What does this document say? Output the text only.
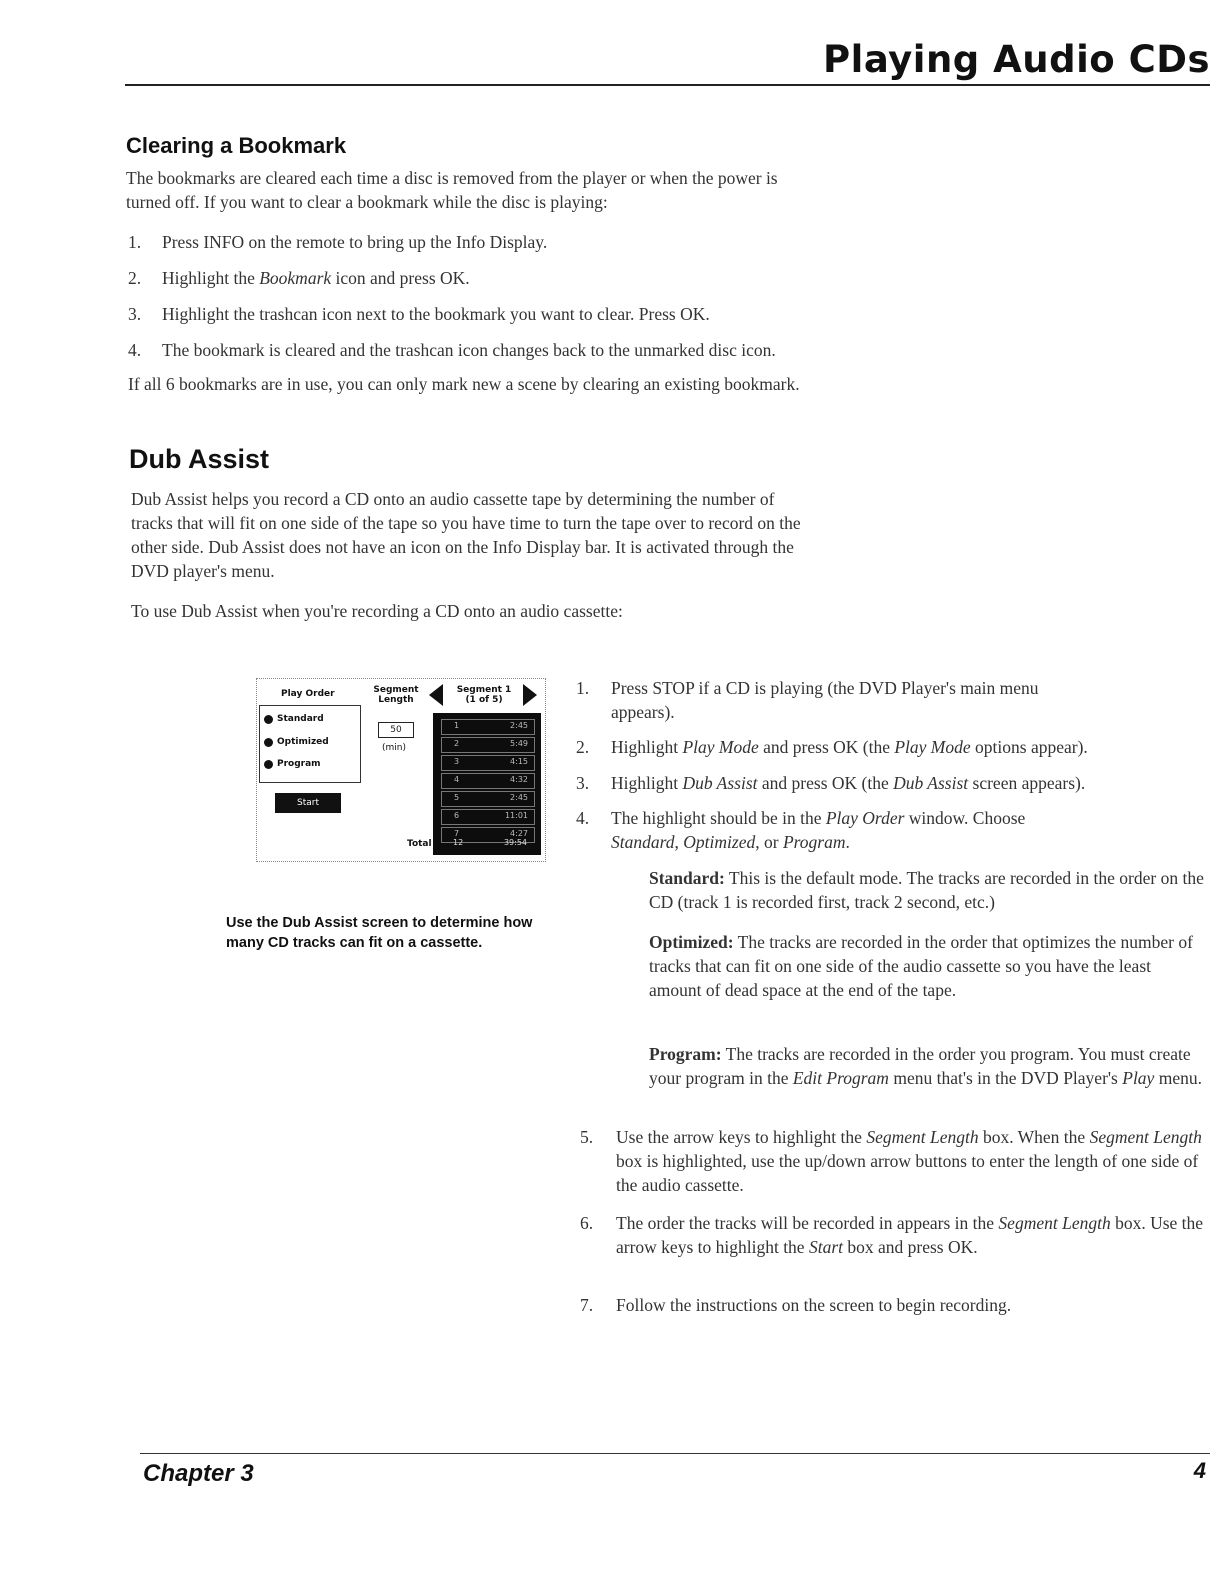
Playing Audio CDs
Clearing a Bookmark
The bookmarks are cleared each time a disc is removed from the player or when the power is
turned off. If you want to clear a bookmark while the disc is playing:
1. Press INFO on the remote to bring up the Info Display.
2. Highlight the Bookmark icon and press OK.
3. Highlight the trashcan icon next to the bookmark you want to clear. Press OK.
4. The bookmark is cleared and the trashcan icon changes back to the unmarked disc icon.
If all 6 bookmarks are in use, you can only mark new a scene by clearing an existing bookmark.
Dub Assist
Dub Assist helps you record a CD onto an audio cassette tape by determining the number of
tracks that will fit on one side of the tape so you have time to turn the tape over to record on the
other side. Dub Assist does not have an icon on the Info Display bar. It is activated through the
DVD player's menu.
To use Dub Assist when you're recording a CD onto an audio cassette:
Play Order	Segment
Length
Segment 1
(1 of 5)
Standard
Optimized
Program
Start
50
(min)
Total
1	2:45
2	5:49
3	4:15
4	4:32
5	2:45
6	11:01
7	4:27
12	39:54
Use the Dub Assist screen to determine how many CD tracks can fit on a cassette.
1. Press STOP if a CD is playing (the DVD Player's main menu
appears).
2. Highlight Play Mode and press OK (the Play Mode options appear).
3. Highlight Dub Assist and press OK (the Dub Assist screen appears).
4. The highlight should be in the Play Order window. Choose
Standard, Optimized, or Program.
Standard: This is the default mode. The tracks are recorded in the order on the CD (track 1 is recorded first, track 2 second, etc.)
Optimized: The tracks are recorded in the order that optimizes the number of tracks that can fit on one side of the audio cassette so you have the least amount of dead space at the end of the tape.
Program: The tracks are recorded in the order you program. You must create your program in the Edit Program menu that's in the DVD Player's Play menu.
5. Use the arrow keys to highlight the Segment Length box. When the Segment Length box is highlighted, use the up/down arrow buttons to enter the length of one side of the audio cassette.
6. The order the tracks will be recorded in appears in the Segment Length box. Use the arrow keys to highlight the Start box and press OK.
7. Follow the instructions on the screen to begin recording.
Chapter 3	4
